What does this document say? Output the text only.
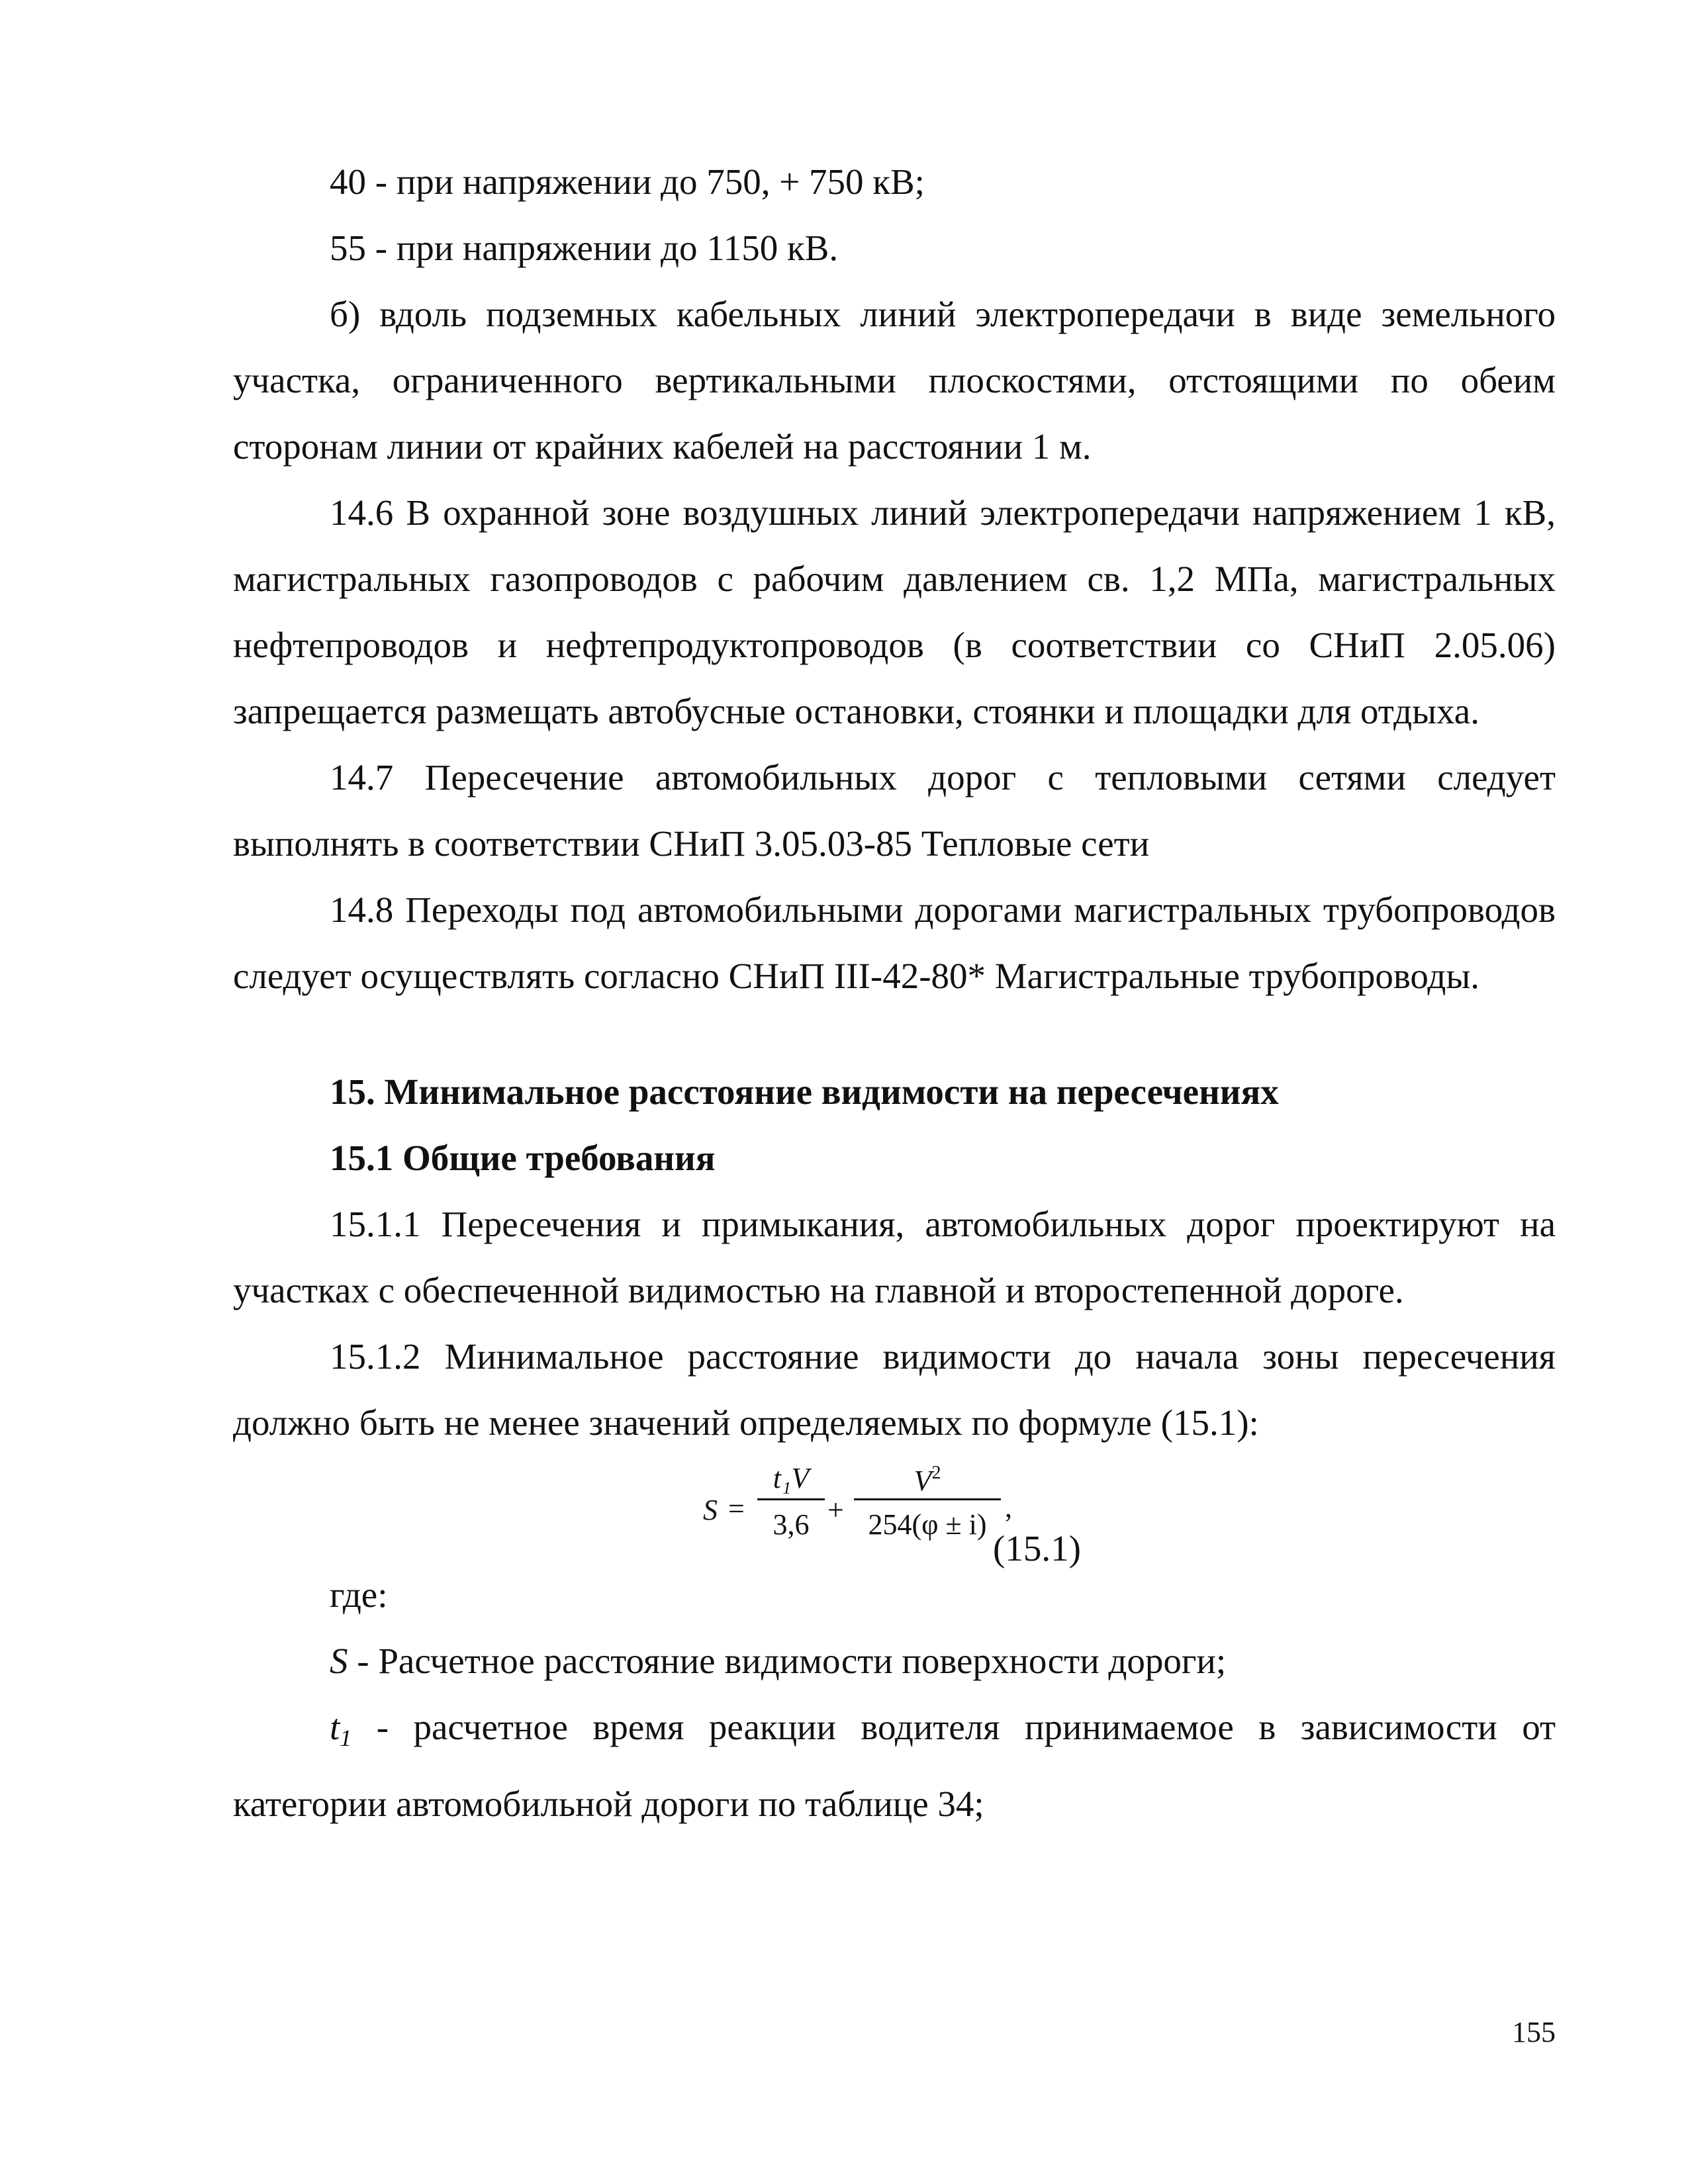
40 - при напряжении до 750, + 750 кВ;

55 - при напряжении до 1150 кВ.

б) вдоль подземных кабельных линий электропередачи в виде земельного участка, ограниченного вертикальными плоскостями, отстоящими по обеим сторонам линии от крайних кабелей на расстоянии 1 м.

14.6 В охранной зоне воздушных линий электропередачи напряжением 1 кВ, магистральных газопроводов с рабочим давлением св. 1,2 МПа, магистральных нефтепроводов и нефтепродуктопроводов (в соответствии со СНиП 2.05.06) запрещается размещать автобусные остановки, стоянки и площадки для отдыха.

14.7 Пересечение автомобильных дорог с тепловыми сетями следует выполнять в соответствии СНиП 3.05.03-85 Тепловые сети

14.8 Переходы под автомобильными дорогами магистральных трубопроводов следует осуществлять согласно СНиП III-42-80* Магистральные трубопроводы.

15. Минимальное расстояние видимости на пересечениях

15.1 Общие требования

15.1.1 Пересечения и примыкания, автомобильных дорог проектируют на участках с обеспеченной видимостью на главной и второстепенной дороге.

15.1.2 Минимальное расстояние видимости до начала зоны пересечения должно быть не менее значений определяемых по формуле (15.1):

S =
t₁V
3,6 +
$V^2$
254(φ ± i)
,
(15.1)

где:

S - Расчетное расстояние видимости поверхности дороги;

$t_1$ - расчетное время реакции водителя принимаемое в зависимости от категории автомобильной дороги по таблице 34;

155
